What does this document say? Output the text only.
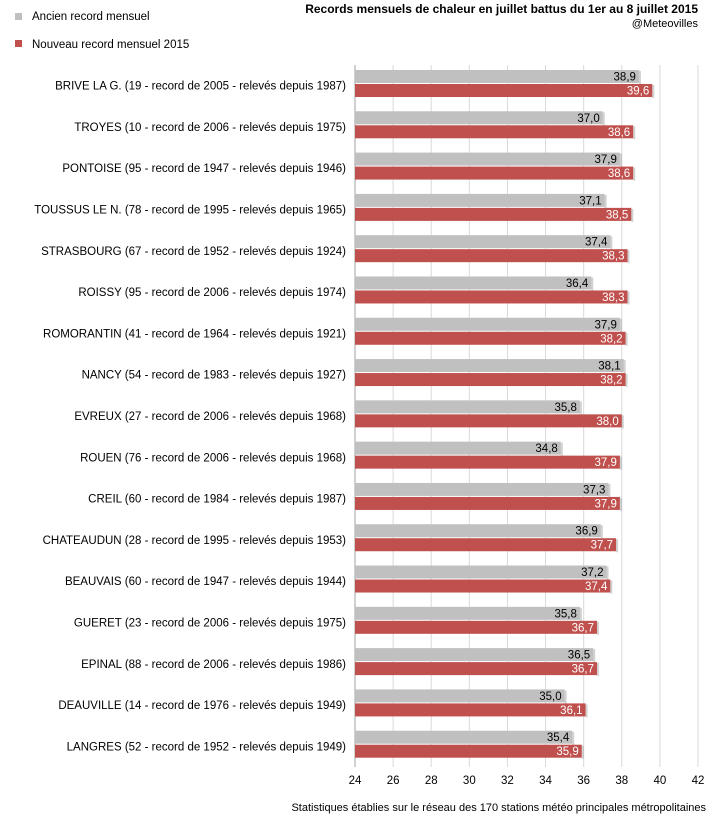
Records mensuels de chaleur en juillet battus du 1er au 8 juillet 2015
@Meteovilles
Ancien record mensuel
Nouveau record mensuel 2015
BRIVE LA G. (19 - record de 2005 - relevés depuis 1987)
TROYES (10 - record de 2006 - relevés depuis 1975)
PONTOISE (95 - record de 1947 - relevés depuis 1946)
TOUSSUS LE N. (78 - record de 1995 - relevés depuis 1965)
STRASBOURG (67 - record de 1952 - relevés depuis 1924)
ROISSY (95 - record de 2006 - relevés depuis 1974)
ROMORANTIN (41 - record de 1964 - relevés depuis 1921)
NANCY (54 - record de 1983 - relevés depuis 1927)
EVREUX (27 - record de 2006 - relevés depuis 1968)
ROUEN (76 - record de 2006 - relevés depuis 1968)
CREIL (60 - record de 1984 - relevés depuis 1987)
CHATEAUDUN (28 - record de 1995 - relevés depuis 1953)
BEAUVAIS (60 - record de 1947 - relevés depuis 1944)
GUERET (23 - record de 2006 - relevés depuis 1975)
EPINAL (88 - record de 2006 - relevés depuis 1986)
DEAUVILLE (14 - record de 1976 - relevés depuis 1949)
LANGRES (52 - record de 1952 - relevés depuis 1949)
38,9
39,6
37,0
38,6
37,9
38,6
37,1
38,5
37,4
38,3
36,4
38,3
37,9
38,2
38,1
38,2
35,8
38,0
34,8
37,9
37,3
37,9
36,9
37,7
37,2
37,4
35,8
36,7
36,5
36,7
35,0
36,1
35,4
35,9
24 26 28 30 32 34 36 38 40 42
Statistiques établies sur le réseau des 170 stations météo principales métropolitaines
